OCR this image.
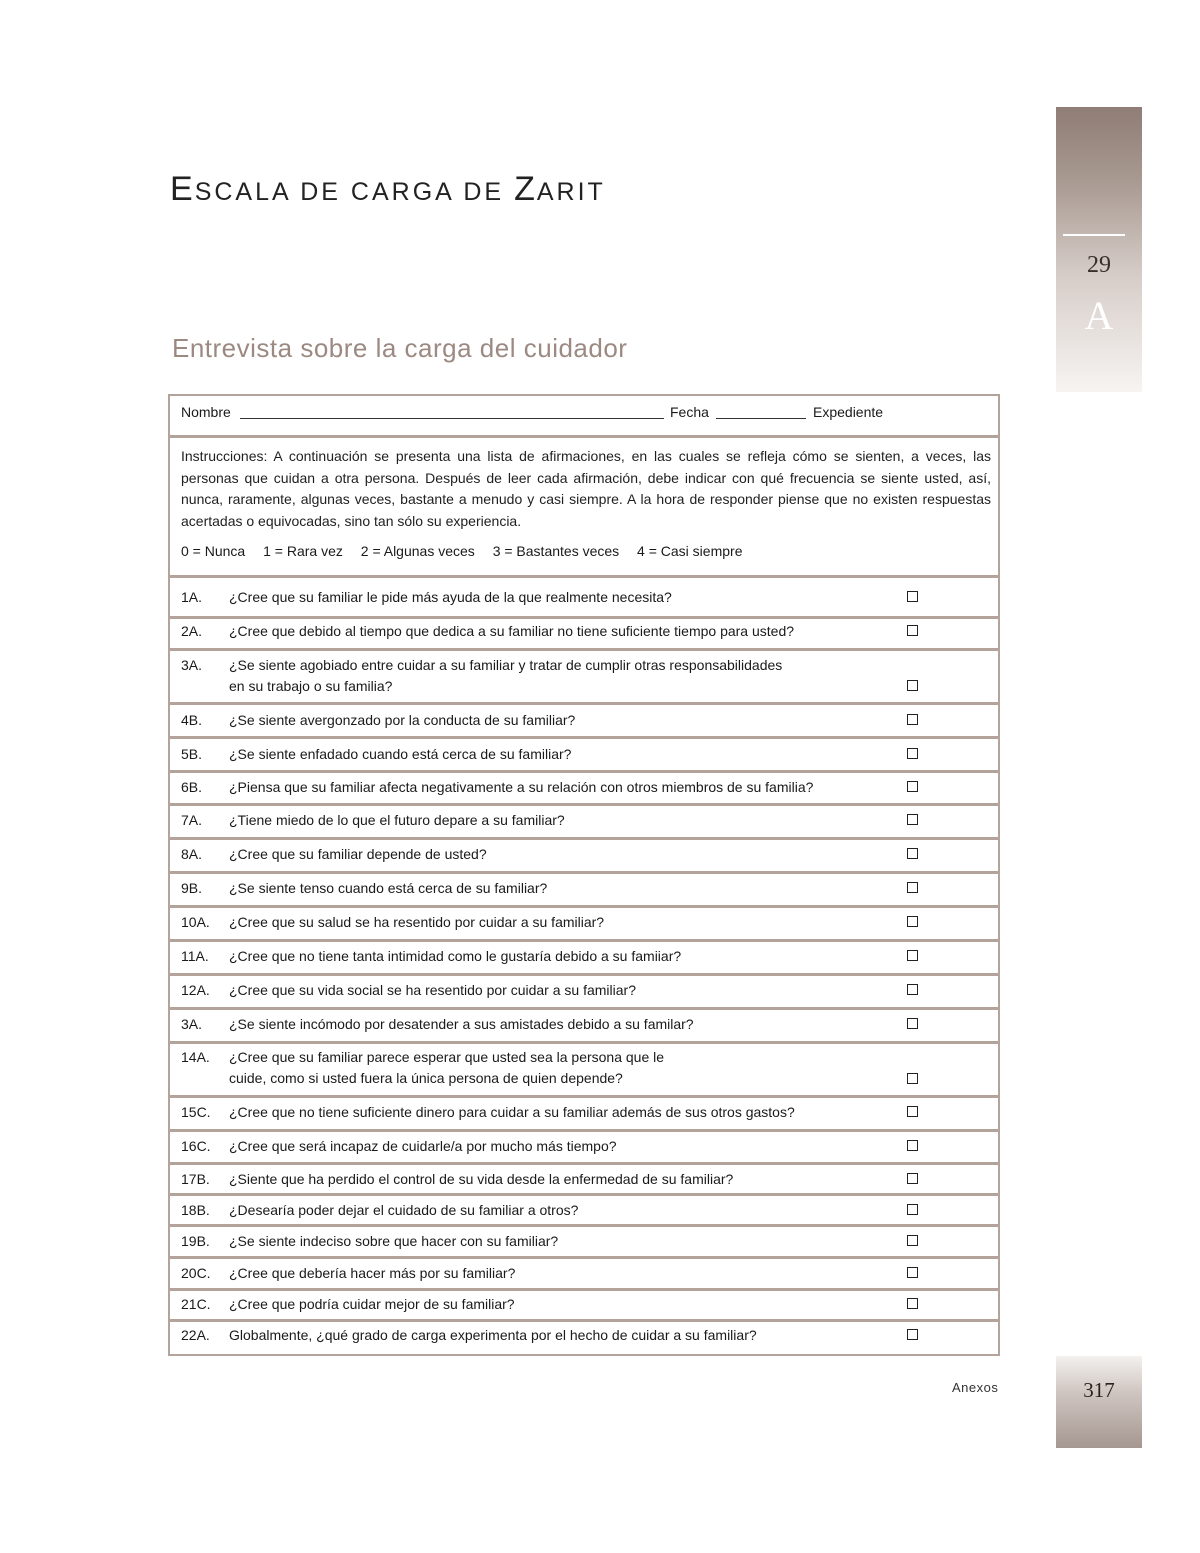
ESCALA DE CARGA DE ZARIT
A
29
Entrevista sobre la carga del cuidador
Nombre	Fecha	Expediente
Instrucciones: A continuación se presenta una lista de afirmaciones, en las cuales se refleja cómo se sienten, a veces, las personas que cuidan a otra persona. Después de leer cada afirmación, debe indicar con qué frecuencia se siente usted, así, nunca, raramente, algunas veces, bastante a menudo y casi siempre. A la hora de responder piense que no existen respuestas acertadas o equivocadas, sino tan sólo su experiencia.
0 = Nunca 1 = Rara vez 2 = Algunas veces 3 = Bastantes veces 4 = Casi siempre
1A. ¿Cree que su familiar le pide más ayuda de la que realmente necesita?
2A. ¿Cree que debido al tiempo que dedica a su familiar no tiene suficiente tiempo para usted?
3A. ¿Se siente agobiado entre cuidar a su familiar y tratar de cumplir otras responsabilidades
en su trabajo o su familia?
4B. ¿Se siente avergonzado por la conducta de su familiar?
5B. ¿Se siente enfadado cuando está cerca de su familiar?
6B. ¿Piensa que su familiar afecta negativamente a su relación con otros miembros de su familia?
7A. ¿Tiene miedo de lo que el futuro depare a su familiar?
8A. ¿Cree que su familiar depende de usted?
9B. ¿Se siente tenso cuando está cerca de su familiar?
10A. ¿Cree que su salud se ha resentido por cuidar a su familiar?
11A. ¿Cree que no tiene tanta intimidad como le gustaría debido a su famiiar?
12A. ¿Cree que su vida social se ha resentido por cuidar a su familiar?
3A. ¿Se siente incómodo por desatender a sus amistades debido a su familar?
14A. ¿Cree que su familiar parece esperar que usted sea la persona que le
cuide, como si usted fuera la única persona de quien depende?
15C. ¿Cree que no tiene suficiente dinero para cuidar a su familiar además de sus otros gastos?
16C. ¿Cree que será incapaz de cuidarle/a por mucho más tiempo?
17B. ¿Siente que ha perdido el control de su vida desde la enfermedad de su familiar?
18B. ¿Desearía poder dejar el cuidado de su familiar a otros?
19B. ¿Se siente indeciso sobre que hacer con su familiar?
20C. ¿Cree que debería hacer más por su familiar?
21C. ¿Cree que podría cuidar mejor de su familiar?
22A. Globalmente, ¿qué grado de carga experimenta por el hecho de cuidar a su familiar?
Anexos	317
